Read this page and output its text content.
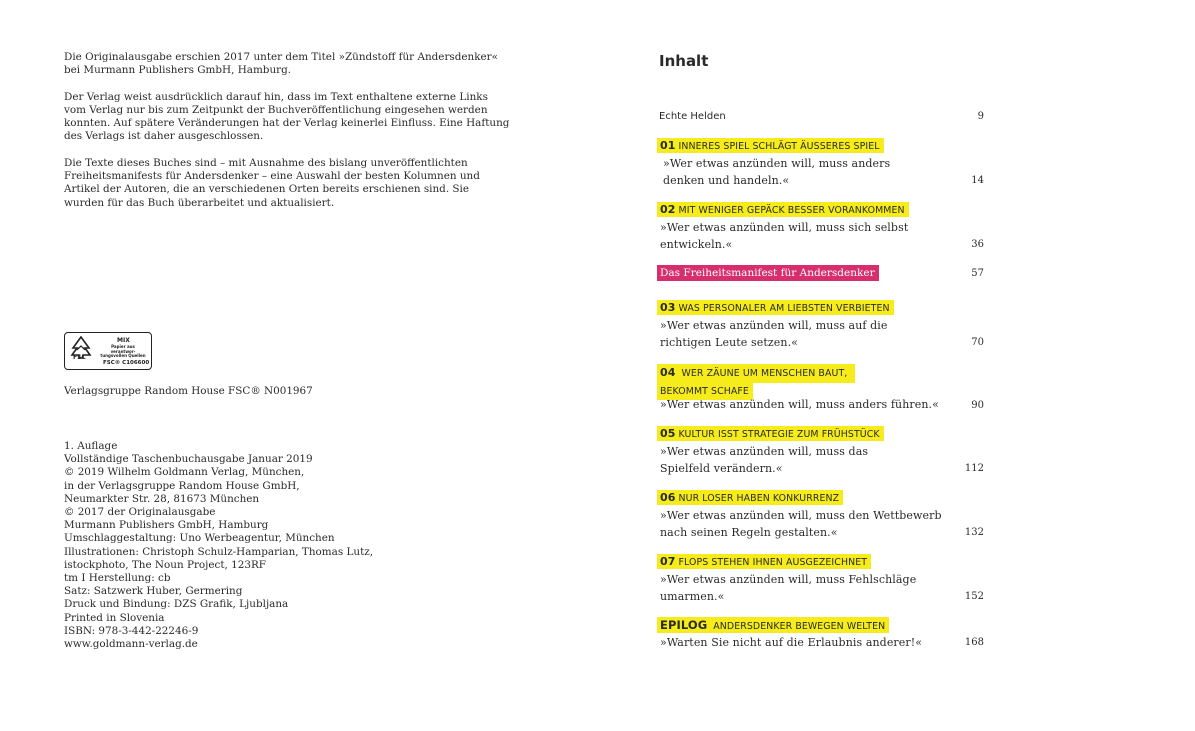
Die Originalausgabe erschien 2017 unter dem Titel »Zündstoff für Andersdenker«
bei Murmann Publishers GmbH, Hamburg.

Der Verlag weist ausdrücklich darauf hin, dass im Text enthaltene externe Links
vom Verlag nur bis zum Zeitpunkt der Buchveröffentlichung eingesehen werden
konnten. Auf spätere Veränderungen hat der Verlag keinerlei Einfluss. Eine Haftung
des Verlags ist daher ausgeschlossen.

Die Texte dieses Buches sind – mit Ausnahme des bislang unveröffentlichten
Freiheitsmanifests für Andersdenker – eine Auswahl der besten Kolumnen und
Artikel der Autoren, die an verschiedenen Orten bereits erschienen sind. Sie
wurden für das Buch überarbeitet und aktualisiert.

FSC
MIX
Papier aus verantwor-
tungsvollen Quellen
FSC® C106600
Verlagsgruppe Random House FSC® N001967
1. Auflage
Vollständige Taschenbuchausgabe Januar 2019
© 2019 Wilhelm Goldmann Verlag, München,
in der Verlagsgruppe Random House GmbH,
Neumarkter Str. 28, 81673 München
© 2017 der Originalausgabe
Murmann Publishers GmbH, Hamburg
Umschlaggestaltung: Uno Werbeagentur, München
Illustrationen: Christoph Schulz-Hamparian, Thomas Lutz,
istockphoto, The Noun Project, 123RF
tm I Herstellung: cb
Satz: Satzwerk Huber, Germering
Druck und Bindung: DZS Grafik, Ljubljana
Printed in Slovenia
ISBN: 978-3-442-22246-9
www.goldmann-verlag.de
Inhalt
Echte Helden	9
01 INNERES SPIEL SCHLÄGT ÄUSSERES SPIEL
»Wer etwas anzünden will, muss anders
denken und handeln.«	14
02 MIT WENIGER GEPÄCK BESSER VORANKOMMEN
»Wer etwas anzünden will, muss sich selbst
entwickeln.«	36
Das Freiheitsmanifest für Andersdenker	57
03 WAS PERSONALER AM LIEBSTEN VERBIETEN
»Wer etwas anzünden will, muss auf die
richtigen Leute setzen.«	70
04 WER ZÄUNE UM MENSCHEN BAUT,
BEKOMMT SCHAFE
»Wer etwas anzünden will, muss anders führen.«	90
05 KULTUR ISST STRATEGIE ZUM FRÜHSTÜCK
»Wer etwas anzünden will, muss das
Spielfeld verändern.«	112
06 NUR LOSER HABEN KONKURRENZ
»Wer etwas anzünden will, muss den Wettbewerb
nach seinen Regeln gestalten.«	132
07 FLOPS STEHEN IHNEN AUSGEZEICHNET
»Wer etwas anzünden will, muss Fehlschläge
umarmen.«	152
EPILOG ANDERSDENKER BEWEGEN WELTEN
»Warten Sie nicht auf die Erlaubnis anderer!«	168
